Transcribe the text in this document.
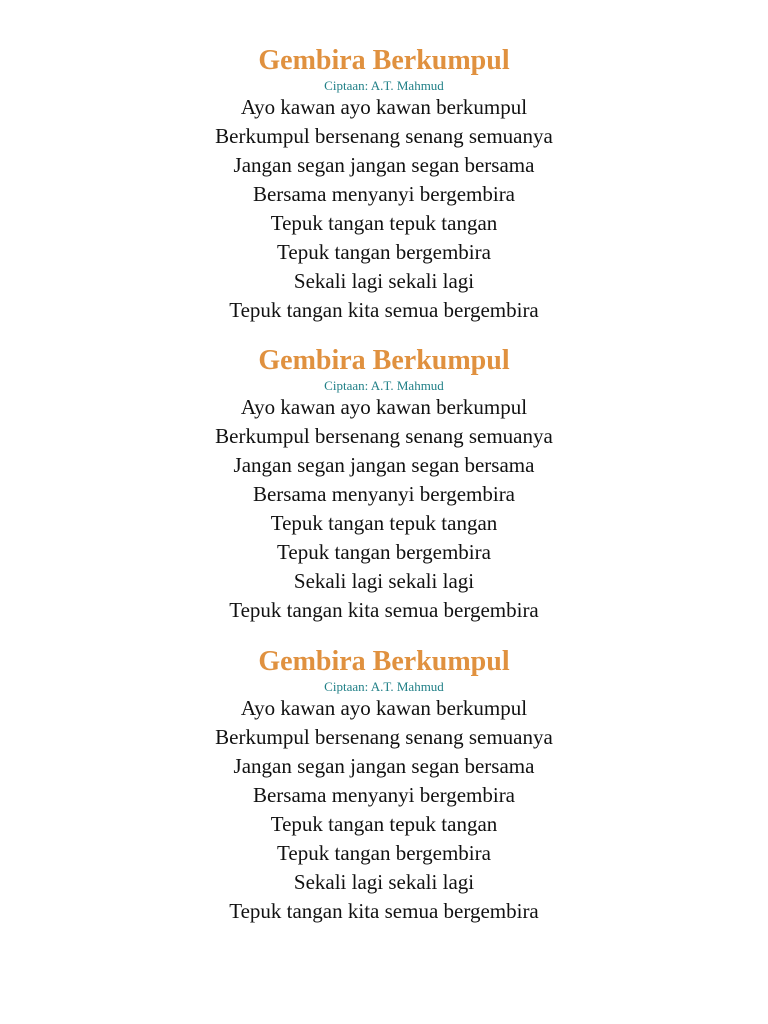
Gembira Berkumpul
Ciptaan: A.T. Mahmud
Ayo kawan ayo kawan berkumpul
Berkumpul bersenang senang semuanya
Jangan segan jangan segan bersama
Bersama menyanyi bergembira
Tepuk tangan tepuk tangan
Tepuk tangan bergembira
Sekali lagi sekali lagi
Tepuk tangan kita semua bergembira
Gembira Berkumpul
Ciptaan: A.T. Mahmud
Ayo kawan ayo kawan berkumpul
Berkumpul bersenang senang semuanya
Jangan segan jangan segan bersama
Bersama menyanyi bergembira
Tepuk tangan tepuk tangan
Tepuk tangan bergembira
Sekali lagi sekali lagi
Tepuk tangan kita semua bergembira
Gembira Berkumpul
Ciptaan: A.T. Mahmud
Ayo kawan ayo kawan berkumpul
Berkumpul bersenang senang semuanya
Jangan segan jangan segan bersama
Bersama menyanyi bergembira
Tepuk tangan tepuk tangan
Tepuk tangan bergembira
Sekali lagi sekali lagi
Tepuk tangan kita semua bergembira
